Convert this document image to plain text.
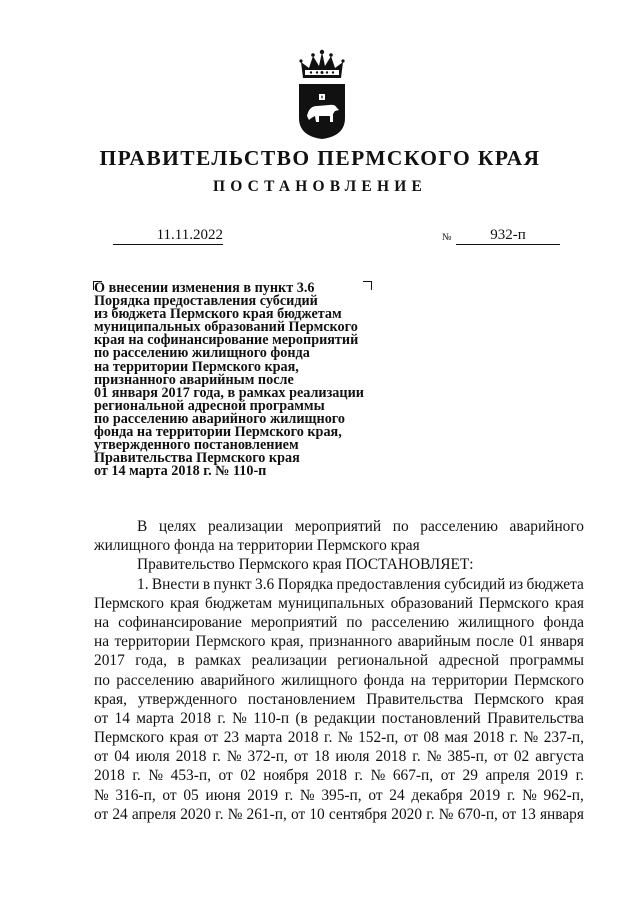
ПРАВИТЕЛЬСТВО ПЕРМСКОГО КРАЯ
ПОСТАНОВЛЕНИЕ
11.11.2022	№	932-п
О внесении изменения в пункт 3.6
Порядка предоставления субсидий
из бюджета Пермского края бюджетам
муниципальных образований Пермского
края на софинансирование мероприятий
по расселению жилищного фонда
на территории Пермского края,
признанного аварийным после
01 января 2017 года, в рамках реализации
региональной адресной программы
по расселению аварийного жилищного
фонда на территории Пермского края,
утвержденного постановлением
Правительства Пермского края
от 14 марта 2018 г. № 110-п
В целях реализации мероприятий по расселению аварийного
жилищного фонда на территории Пермского края
Правительство Пермского края ПОСТАНОВЛЯЕТ:
1. Внести в пункт 3.6 Порядка предоставления субсидий из бюджета
Пермского края бюджетам муниципальных образований Пермского края
на софинансирование мероприятий по расселению жилищного фонда
на территории Пермского края, признанного аварийным после 01 января
2017 года, в рамках реализации региональной адресной программы
по расселению аварийного жилищного фонда на территории Пермского
края, утвержденного постановлением Правительства Пермского края
от 14 марта 2018 г. № 110-п (в редакции постановлений Правительства
Пермского края от 23 марта 2018 г. № 152-п, от 08 мая 2018 г. № 237-п,
от 04 июля 2018 г. № 372-п, от 18 июля 2018 г. № 385-п, от 02 августа
2018 г. № 453-п, от 02 ноября 2018 г. № 667-п, от 29 апреля 2019 г.
№ 316-п, от 05 июня 2019 г. № 395-п, от 24 декабря 2019 г. № 962-п,
от 24 апреля 2020 г. № 261-п, от 10 сентября 2020 г. № 670-п, от 13 января
